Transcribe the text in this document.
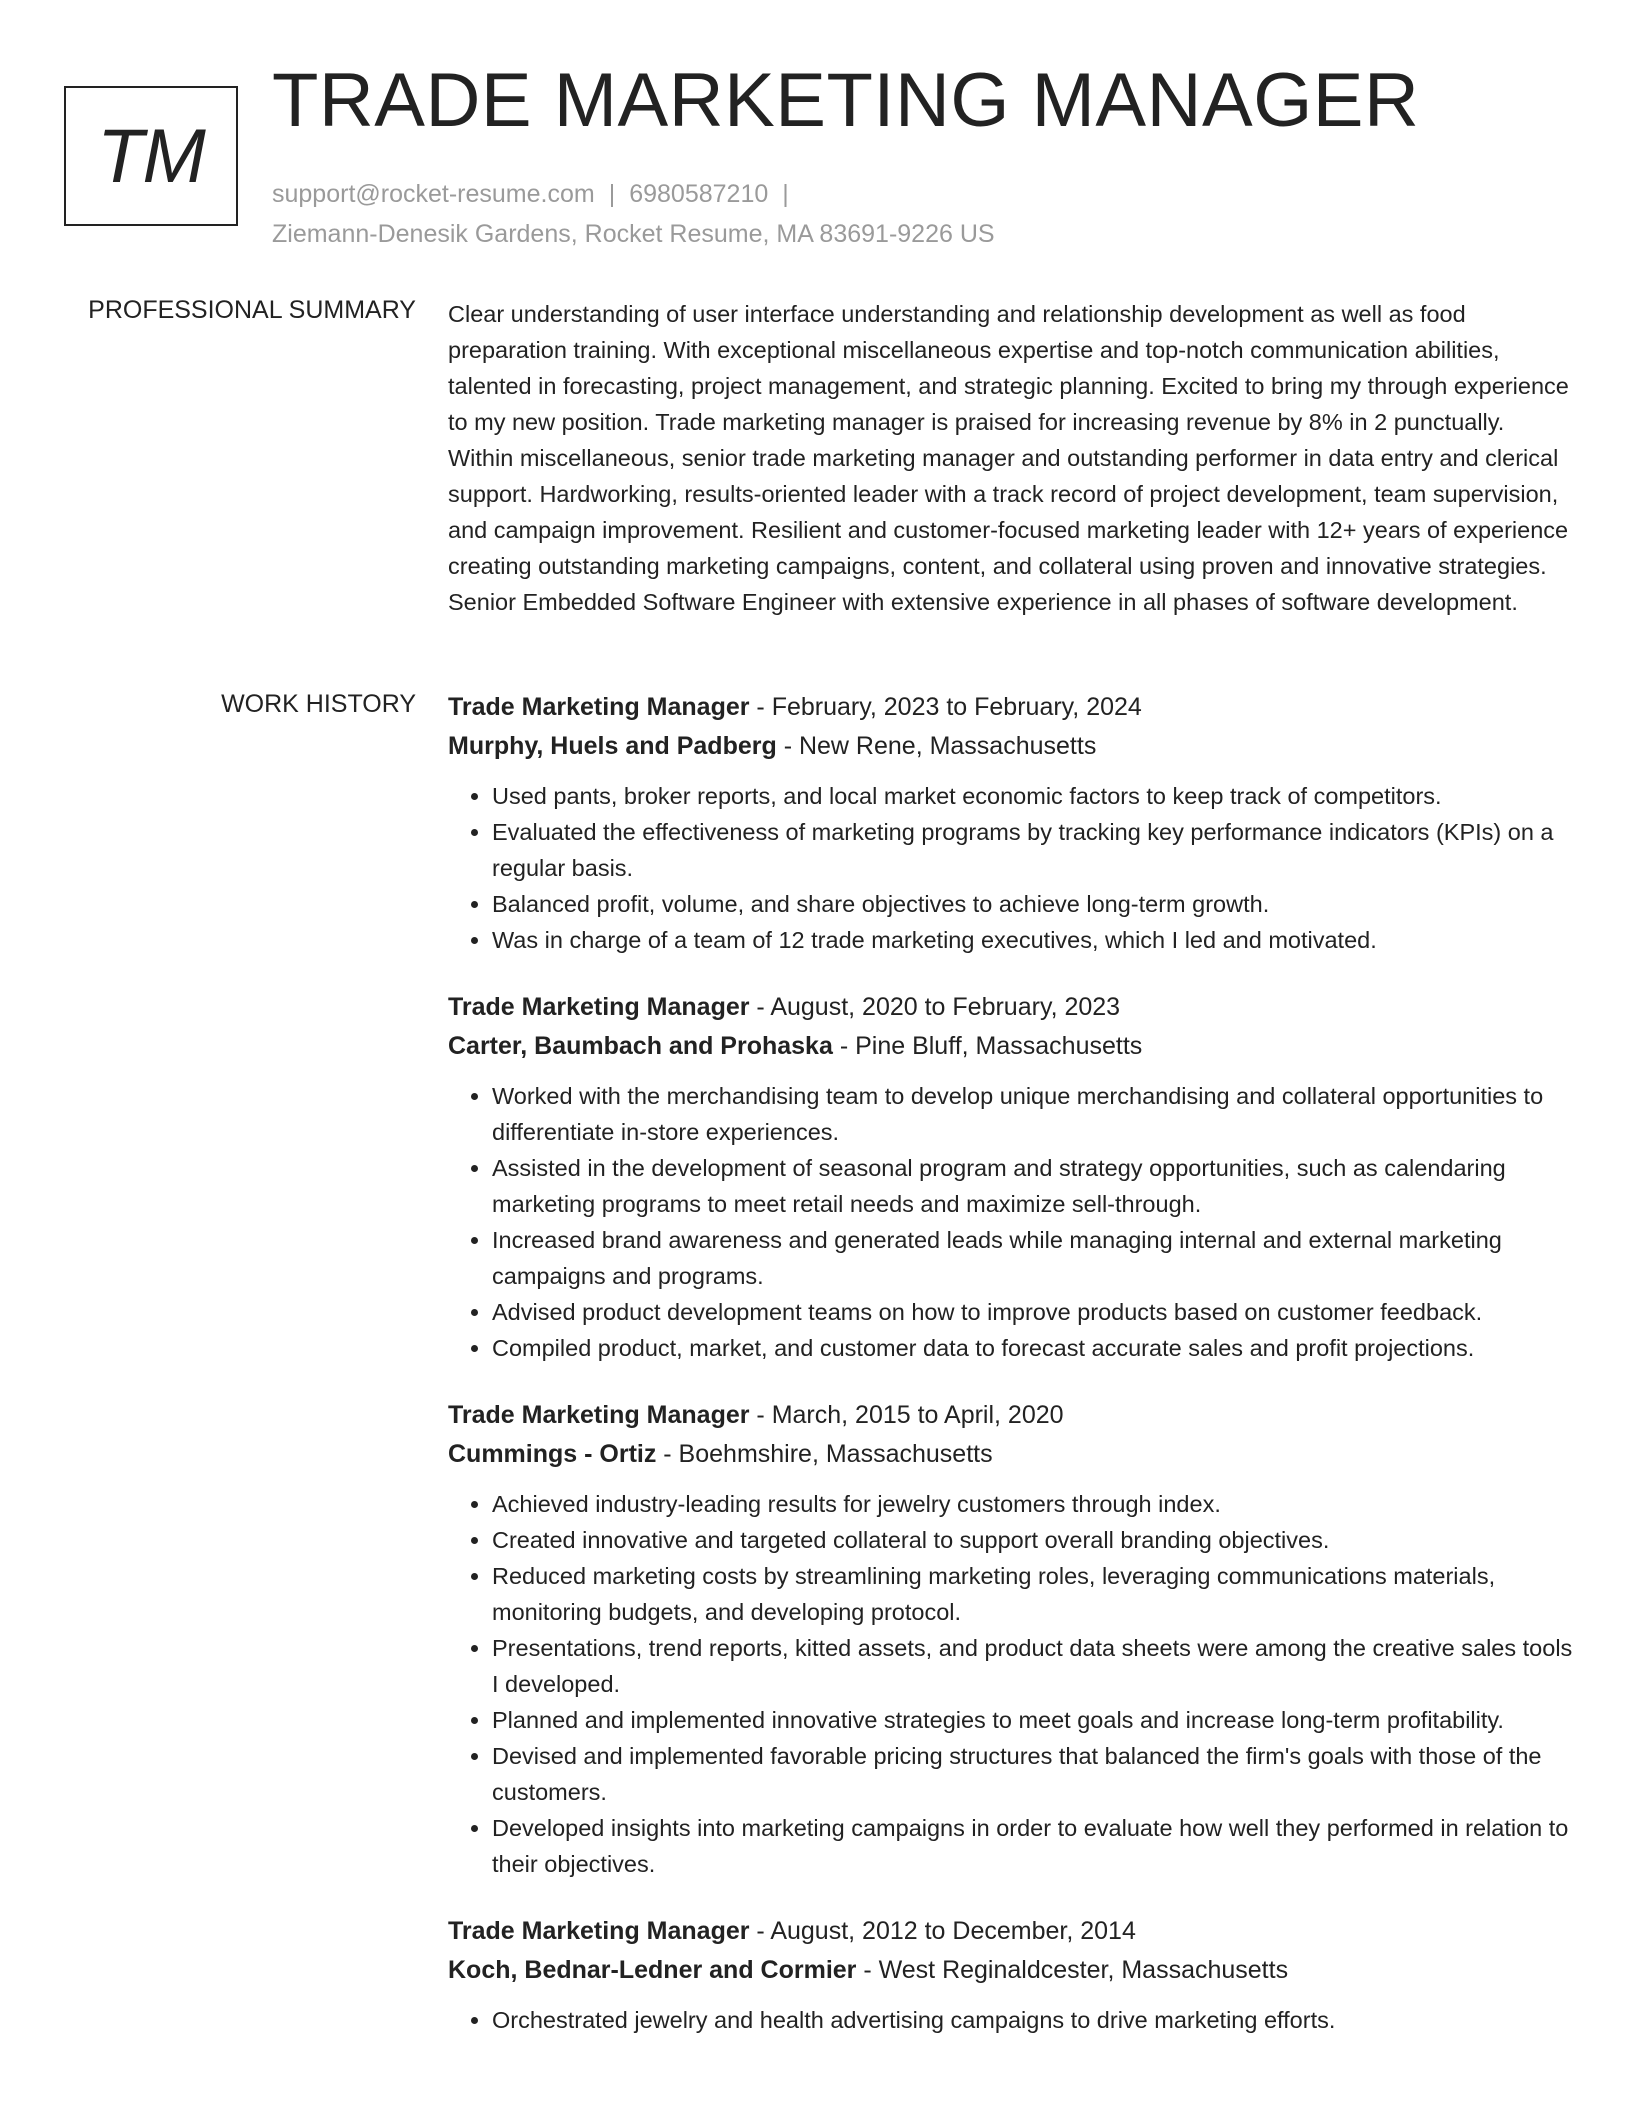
TM
TRADE MARKETING MANAGER
support@rocket-resume.com | 6980587210 |
Ziemann-Denesik Gardens, Rocket Resume, MA 83691-9226 US
PROFESSIONAL SUMMARY Clear understanding of user interface understanding and relationship development as well as food preparation training. With exceptional miscellaneous expertise and top-notch communication abilities, talented in forecasting, project management, and strategic planning. Excited to bring my through experience to my new position. Trade marketing manager is praised for increasing revenue by 8% in 2 punctually. Within miscellaneous, senior trade marketing manager and outstanding performer in data entry and clerical support. Hardworking, results-oriented leader with a track record of project development, team supervision, and campaign improvement. Resilient and customer-focused marketing leader with 12+ years of experience creating outstanding marketing campaigns, content, and collateral using proven and innovative strategies. Senior Embedded Software Engineer with extensive experience in all phases of software development.

WORK HISTORY Trade Marketing Manager - February, 2023 to February, 2024
Murphy, Huels and Padberg - New Rene, Massachusetts
• Used pants, broker reports, and local market economic factors to keep track of competitors.
• Evaluated the effectiveness of marketing programs by tracking key performance indicators (KPIs) on a regular basis.
• Balanced profit, volume, and share objectives to achieve long-term growth.
• Was in charge of a team of 12 trade marketing executives, which I led and motivated.
Trade Marketing Manager - August, 2020 to February, 2023
Carter, Baumbach and Prohaska - Pine Bluff, Massachusetts
• Worked with the merchandising team to develop unique merchandising and collateral opportunities to differentiate in-store experiences.
• Assisted in the development of seasonal program and strategy opportunities, such as calendaring marketing programs to meet retail needs and maximize sell-through.
• Increased brand awareness and generated leads while managing internal and external marketing campaigns and programs.
• Advised product development teams on how to improve products based on customer feedback.
• Compiled product, market, and customer data to forecast accurate sales and profit projections.
Trade Marketing Manager - March, 2015 to April, 2020
Cummings - Ortiz - Boehmshire, Massachusetts
• Achieved industry-leading results for jewelry customers through index.
• Created innovative and targeted collateral to support overall branding objectives.
• Reduced marketing costs by streamlining marketing roles, leveraging communications materials, monitoring budgets, and developing protocol.
• Presentations, trend reports, kitted assets, and product data sheets were among the creative sales tools I developed.
• Planned and implemented innovative strategies to meet goals and increase long-term profitability.
• Devised and implemented favorable pricing structures that balanced the firm's goals with those of the customers.
• Developed insights into marketing campaigns in order to evaluate how well they performed in relation to their objectives.
Trade Marketing Manager - August, 2012 to December, 2014
Koch, Bednar-Ledner and Cormier - West Reginaldcester, Massachusetts
• Orchestrated jewelry and health advertising campaigns to drive marketing efforts.
